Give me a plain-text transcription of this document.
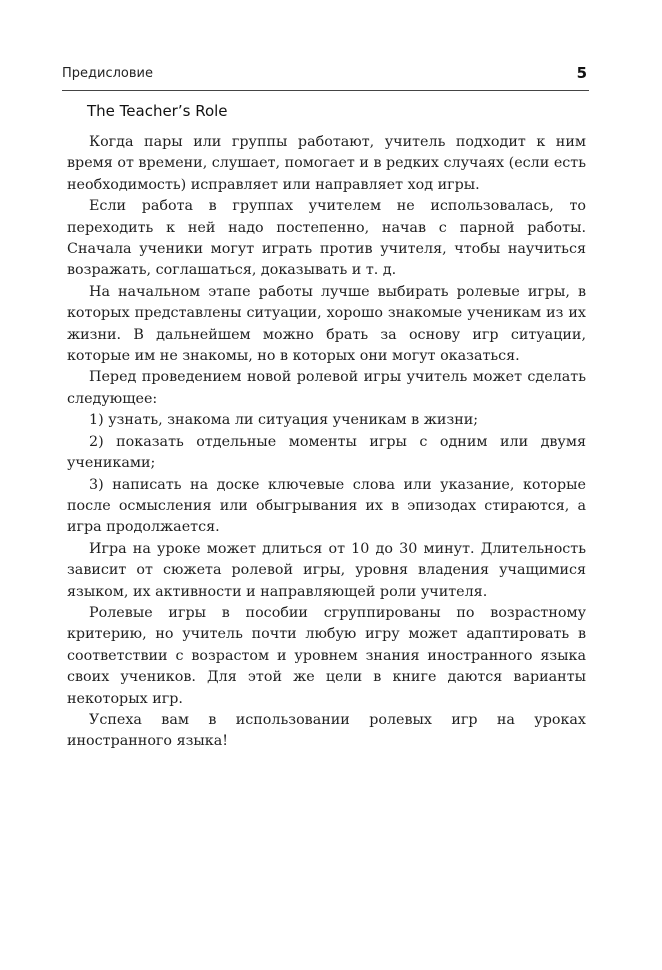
Предисловие	5
The Teacher’s Role

Когда пары или группы работают, учитель подходит к ним время от времени, слушает, помогает и в редких случаях (если есть необходимость) исправляет или направляет ход игры.

Если работа в группах учителем не использовалась, то переходить к ней надо постепенно, начав с парной работы. Сначала ученики могут играть против учителя, чтобы научиться возражать, соглашаться, доказывать и т. д.

На начальном этапе работы лучше выбирать ролевые игры, в которых представлены ситуации, хорошо знакомые ученикам из их жизни. В дальнейшем можно брать за основу игр ситуации, которые им не знакомы, но в которых они могут оказаться.

Перед проведением новой ролевой игры учитель может сделать следующее:

1) узнать, знакома ли ситуация ученикам в жизни;

2) показать отдельные моменты игры с одним или двумя учениками;

3) написать на доске ключевые слова или указание, которые после осмысления или обыгрывания их в эпизодах стираются, а игра продолжается.

Игра на уроке может длиться от 10 до 30 минут. Длительность зависит от сюжета ролевой игры, уровня владения учащимися языком, их активности и направляющей роли учителя.

Ролевые игры в пособии сгруппированы по возрастному критерию, но учитель почти любую игру может адаптировать в соответствии с возрастом и уровнем знания иностранного языка своих учеников. Для этой же цели в книге даются варианты некоторых игр.

Успеха вам в использовании ролевых игр на уроках иностранного языка!
